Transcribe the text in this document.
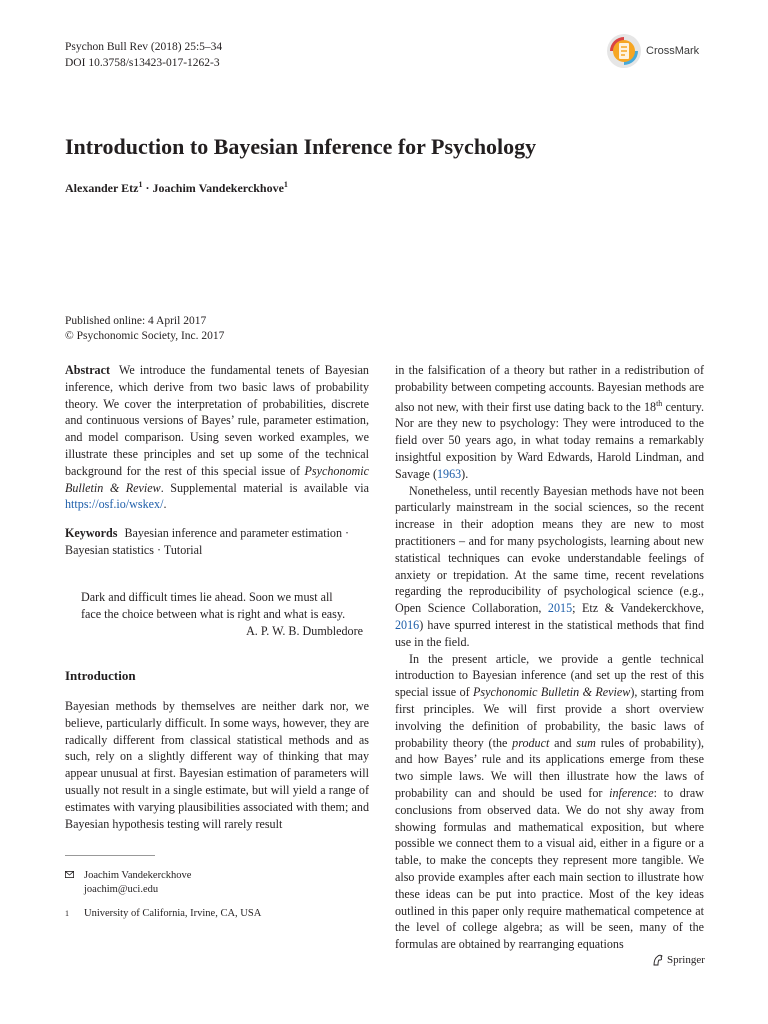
Psychon Bull Rev (2018) 25:5–34
DOI 10.3758/s13423-017-1262-3
CrossMark
Introduction to Bayesian Inference for Psychology
Alexander Etz$^1$ · Joachim Vandekerckhove$^1$
Published online: 4 April 2017
© Psychonomic Society, Inc. 2017

Abstract We introduce the fundamental tenets of Bayesian inference, which derive from two basic laws of probability theory. We cover the interpretation of probabilities, discrete and continuous versions of Bayes’ rule, parameter estimation, and model comparison. Using seven worked examples, we illustrate these principles and set up some of the technical background for the rest of this special issue of Psychonomic Bulletin & Review. Supplemental material is available via https://osf.io/wskex/.

Keywords Bayesian inference and parameter estimation · Bayesian statistics · Tutorial

Dark and difficult times lie ahead. Soon we must all
face the choice between what is right and what is easy.
A. P. W. B. Dumbledore
Introduction

Bayesian methods by themselves are neither dark nor, we believe, particularly difficult. In some ways, however, they are radically different from classical statistical methods and as such, rely on a slightly different way of thinking that may appear unusual at first. Bayesian estimation of parameters will usually not result in a single estimate, but will yield a range of estimates with varying plausibilities associated with them; and Bayesian hypothesis testing will rarely result

in the falsification of a theory but rather in a redistribution of probability between competing accounts. Bayesian methods are also not new, with their first use dating back to the 18th century. Nor are they new to psychology: They were introduced to the field over 50 years ago, in what today remains a remarkably insightful exposition by Ward Edwards, Harold Lindman, and Savage (1963).

Nonetheless, until recently Bayesian methods have not been particularly mainstream in the social sciences, so the recent increase in their adoption means they are new to most practitioners – and for many psychologists, learning about new statistical techniques can evoke understandable feelings of anxiety or trepidation. At the same time, recent revelations regarding the reproducibility of psychological science (e.g., Open Science Collaboration, 2015; Etz & Vandekerckhove, 2016) have spurred interest in the statistical methods that find use in the field.

In the present article, we provide a gentle technical introduction to Bayesian inference (and set up the rest of this special issue of Psychonomic Bulletin & Review), starting from first principles. We will first provide a short overview involving the definition of probability, the basic laws of probability theory (the product and sum rules of probability), and how Bayes’ rule and its applications emerge from these two simple laws. We will then illustrate how the laws of probability can and should be used for inference: to draw conclusions from observed data. We do not shy away from showing formulas and mathematical exposition, but where possible we connect them to a visual aid, either in a figure or a table, to make the concepts they represent more tangible. We also provide examples after each main section to illustrate how these ideas can be put into practice. Most of the key ideas outlined in this paper only require mathematical competence at the level of college algebra; as will be seen, many of the formulas are obtained by rearranging equations

Joachim Vandekerckhove
joachim@uci.edu
1	University of California, Irvine, CA, USA
Springer
